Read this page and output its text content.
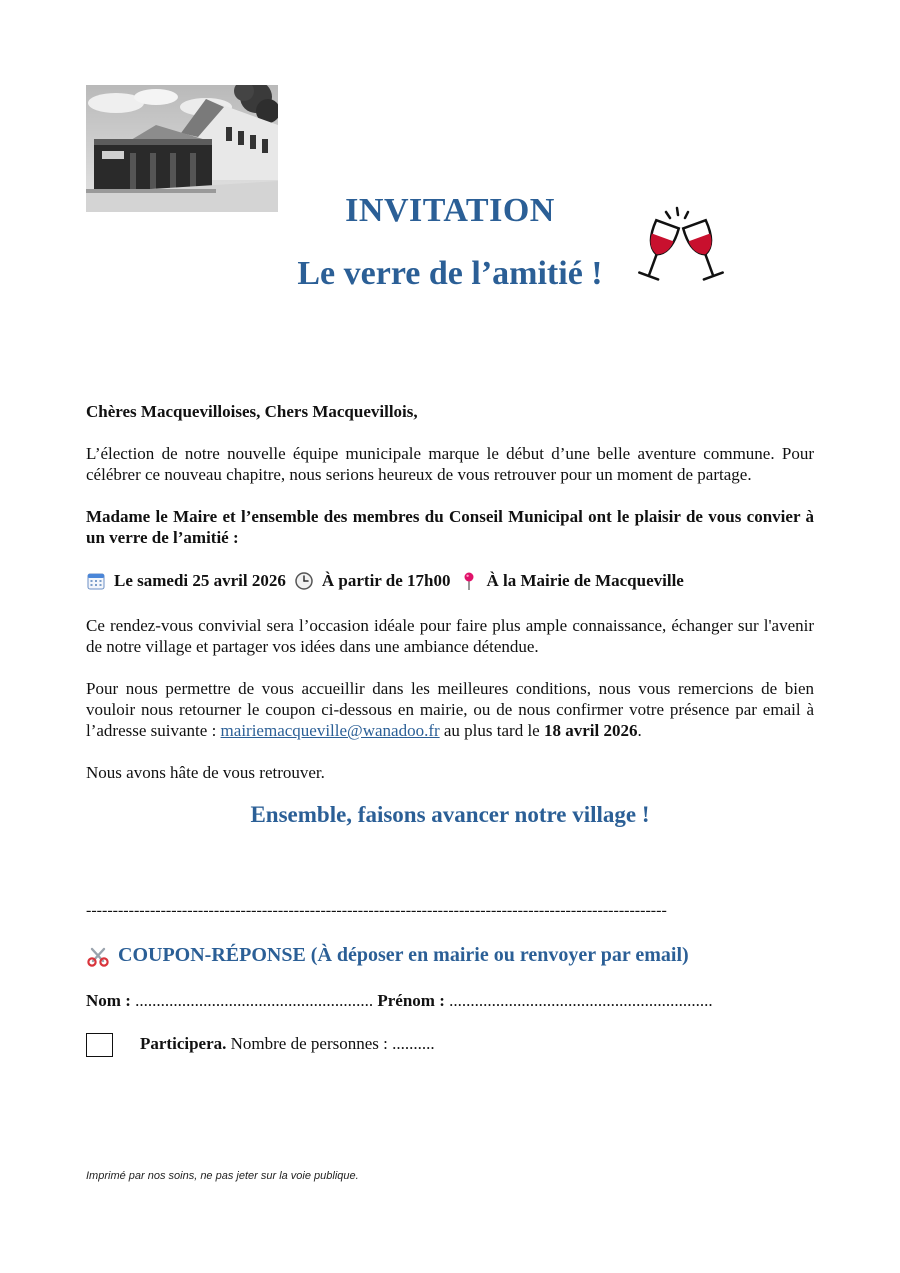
INVITATION
Le verre de l’amitié !
Chères Macquevilloises, Chers Macquevillois,
L’élection de notre nouvelle équipe municipale marque le début d’une belle aventure commune. Pour célébrer ce nouveau chapitre, nous serions heureux de vous retrouver pour un moment de partage.
Madame le Maire et l’ensemble des membres du Conseil Municipal ont le plaisir de vous convier à un verre de l’amitié :
Le samedi 25 avril 2026 À partir de 17h00 À la Mairie de Macqueville
Ce rendez-vous convivial sera l’occasion idéale pour faire plus ample connaissance, échanger sur l'avenir de notre village et partager vos idées dans une ambiance détendue.
Pour nous permettre de vous accueillir dans les meilleures conditions, nous vous remercions de bien vouloir nous retourner le coupon ci-dessous en mairie, ou de nous confirmer votre présence par email à l’adresse suivante : mairiemacqueville@wanadoo.fr au plus tard le 18 avril 2026.
Nous avons hâte de vous retrouver.
Ensemble, faisons avancer notre village !
-------------------------------------------------------------------------------------------------------------
COUPON-RÉPONSE (À déposer en mairie ou renvoyer par email)
Nom : ........................................................ Prénom : ..............................................................
Participera. Nombre de personnes : ..........
Imprimé par nos soins, ne pas jeter sur la voie publique.
